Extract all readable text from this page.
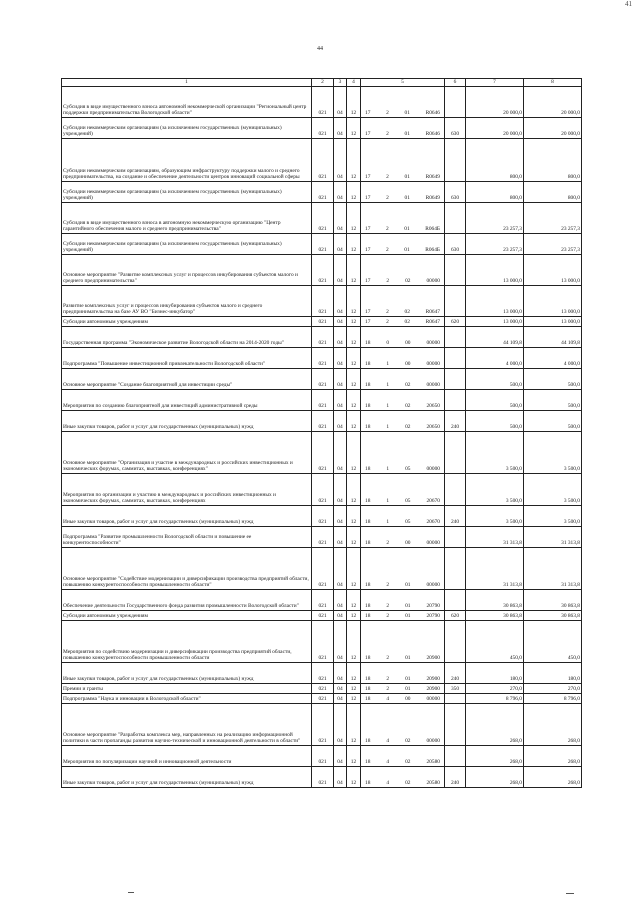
41
44
1	2	3	4	5	6	7	8
Субсидия в виде имущественного взноса автономной некоммерческой организации "Региональный центр поддержки предпринимательства Вологодской области"	021	04	12	17 2 01 R0646		20 000,0	20 000,0
Субсидии некоммерческим организациям (за исключением государственных (муниципальных) учреждений)	021	04	12	17 2 01 R0646	630	20 000,0	20 000,0
Субсидии некоммерческим организациям, образующим инфраструктуру поддержки малого и среднего предпринимательства, на создание и обеспечение деятельности центров инноваций социальной сферы	021	04	12	17 2 01 R0649		800,0	800,0
Субсидии некоммерческим организациям (за исключением государственных (муниципальных) учреждений)	021	04	12	17 2 01 R0649	630	800,0	800,0
Субсидия в виде имущественного взноса в автономную некоммерческую организацию "Центр гарантийного обеспечения малого и среднего предпринимательства"	021	04	12	17 2 01 R064Б		23 257,3	23 257,3
Субсидии некоммерческим организациям (за исключением государственных (муниципальных) учреждений)	021	04	12	17 2 01 R064Б	630	23 257,3	23 257,3
Основное мероприятие "Развитие комплексных услуг и процессов инкубирования субъектов малого и среднего предпринимательства"	021	04	12	17 2 02 00000		13 000,0	13 000,0
Развитие комплексных услуг и процессов инкубирования субъектов малого и среднего предпринимательства на базе АУ ВО "Бизнес-инкубатор"	021	04	12	17 2 02 R0647		13 000,0	13 000,0
Субсидии автономным учреждениям	021	04	12	17 2 02 R0647	620	13 000,0	13 000,0
Государственная программа "Экономическое развитие Вологодской области на 2014-2020 годы"	021	04	12	18 0 00 00000		44 109,8	44 109,8
Подпрограмма "Повышение инвестиционной привлекательности Вологодской области"	021	04	12	18 1 00 00000		4 000,0	4 000,0
Основное мероприятие "Создание благоприятной для инвестиции среды"	021	04	12	18 1 02 00000		500,0	500,0
Мероприятия по созданию благоприятной для инвестиций административной среды	021	04	12	18 1 02 20650		500,0	500,0
Иные закупки товаров, работ и услуг для государственных (муниципальных) нужд	021	04	12	18 1 02 20650	240	500,0	500,0
Основное мероприятие "Организация и участие в международных и российских инвестиционных и экономических форумах, саммитах, выставках, конференциях"	021	04	12	18 1 05 00000		3 500,0	3 500,0
Мероприятия по организации и участию в международных и российских инвестиционных и экономических форумах, саммитах, выставках, конференциях	021	04	12	18 1 05 20670		3 500,0	3 500,0
Иные закупки товаров, работ и услуг для государственных (муниципальных) нужд	021	04	12	18 1 05 20670	240	3 500,0	3 500,0
Подпрограмма "Развитие промышленности Вологодской области и повышение ее конкурентоспособности"	021	04	12	18 2 00 00000		31 313,8	31 313,8
Основное мероприятие "Содействие модернизации и диверсификации производства предприятий области, повышению конкурентоспособности промышленности области"	021	04	12	18 2 01 00000		31 313,8	31 313,8
Обеспечение деятельности Государственного фонда развития промышленности Вологодской области"	021	04	12	18 2 01 20790		30 863,8	30 863,8
Субсидии автономным учреждениям	021	04	12	18 2 01 20790	620	30 863,8	30 863,8
Мероприятия по содействию модернизации и диверсификации производства предприятий области, повышению конкурентоспособности промышленности области	021	04	12	18 2 01 20900		450,0	450,0
Иные закупки товаров, работ и услуг для государственных (муниципальных) нужд	021	04	12	18 2 01 20900	240	180,0	180,0
Премии и гранты	021	04	12	18 2 01 20900	350	270,0	270,0
Подпрограмма "Наука и инновации в Вологодской области"	021	04	12	18 4 00 00000		8 796,0	8 796,0
Основное мероприятие "Разработка комплекса мер, направленных на реализацию информационной политики в части пропаганды развития научно-технической и инновационной деятельности в области"	021	04	12	18 4 02 00000		268,0	268,0
Мероприятия по популяризации научной и инновационной деятельности	021	04	12	18 4 02 20580		268,0	268,0
Иные закупки товаров, работ и услуг для государственных (муниципальных) нужд	021	04	12	18 4 02 20580	240	268,0	268,0
